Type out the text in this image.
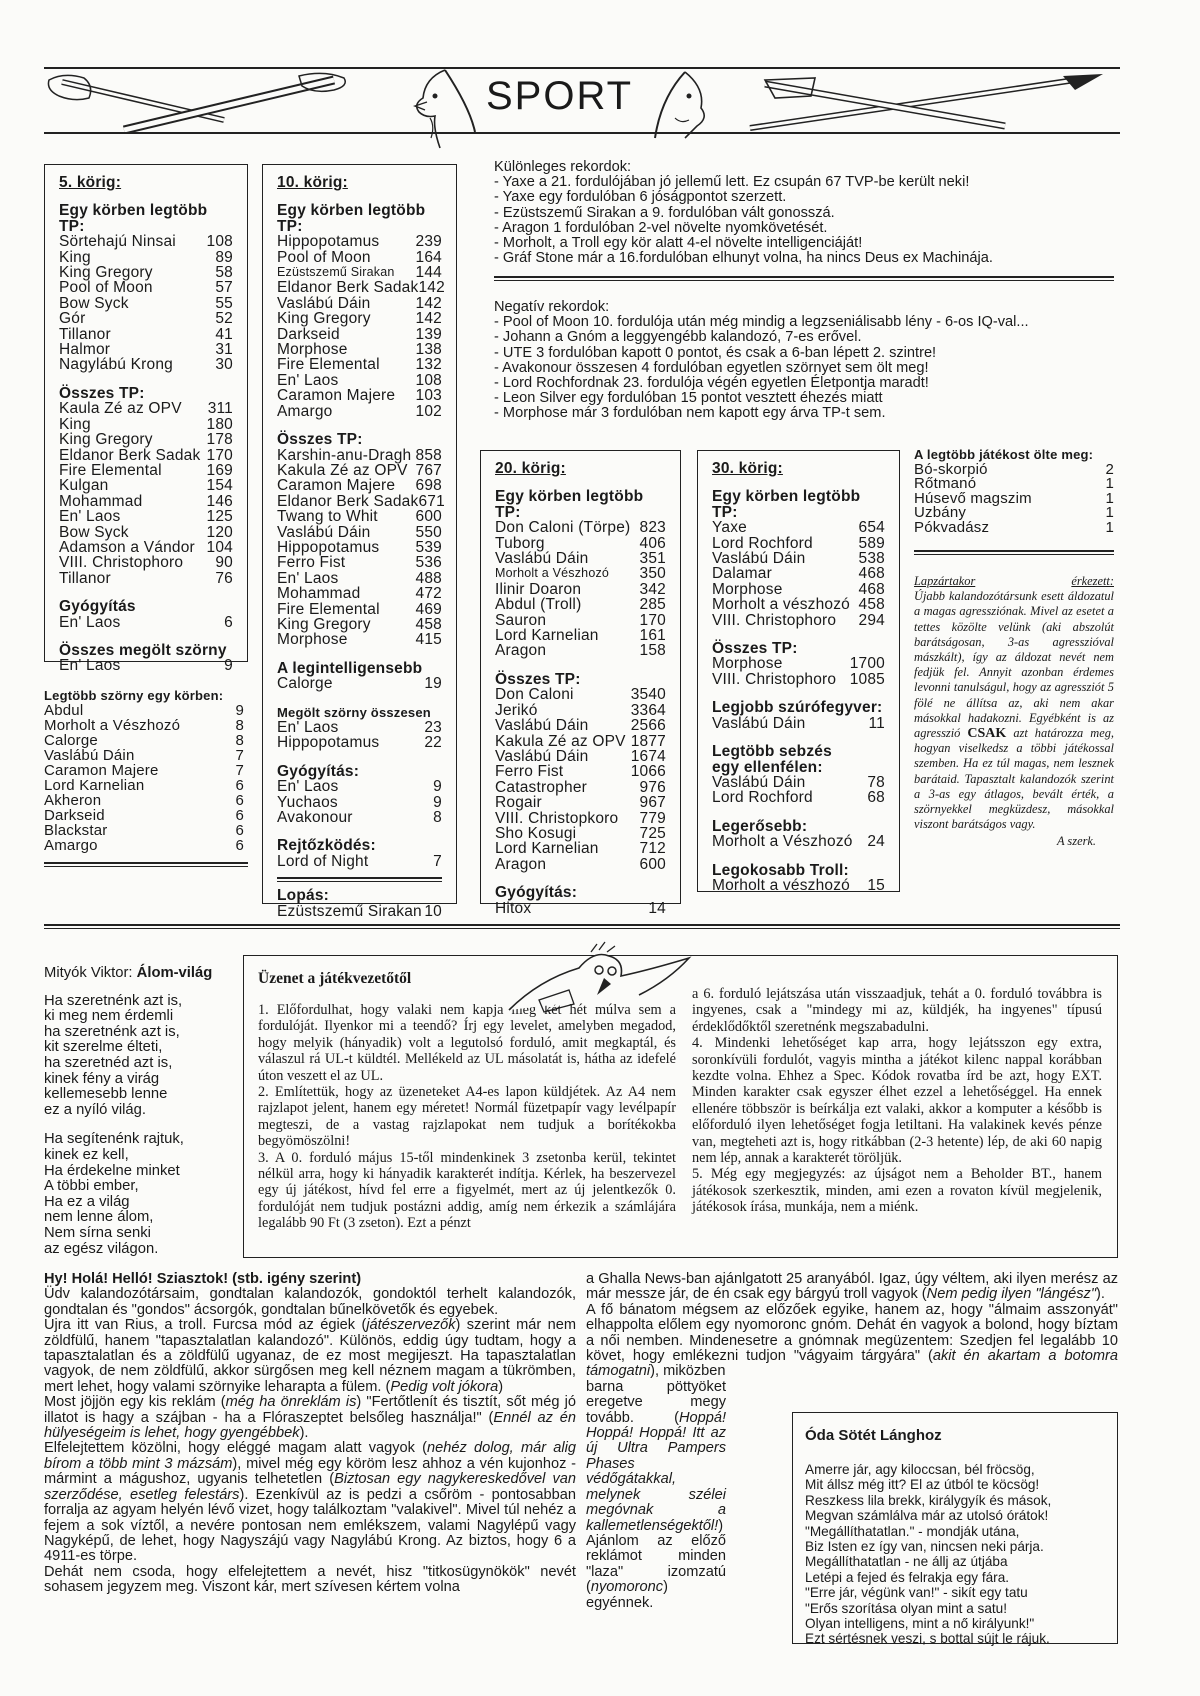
SPORT
5. körig:
Egy körben legtöbb TP:
Sörtehajú Ninsai 108
King	89
King Gregory	58
Pool of Moon	57
Bow Syck	55
Gór	52
Tillanor	41
Halmor	31
Nagylábú Krong	30
Összes TP:
Kaula Zé az OPV 311
King	180
King Gregory	178
Eldanor Berk Sadak 170
Fire Elemental	169
Kulgan	154
Mohammad	146
En' Laos	125
Bow Syck	120
Adamson a Vándor 104
VIII. Christophoro 90
Tillanor	76
Gyógyítás
En' Laos	6
Összes megölt szörny
En' Laos	9
Legtöbb szörny egy körben:
Abdul	9
Morholt a Vészhozó	8
Calorge	8
Vaslábú Dáin	7
Caramon Majere	7
Lord Karnelian	6
Akheron	6
Darkseid	6
Blackstar	6
Amargo	6
10. körig:
Egy körben legtöbb TP:
Hippopotamus 239
Pool of Moon	164
Ezüstszemű Sirakan 144
Eldanor Berk Sadak 142
Vaslábú Dáin	142
King Gregory	142
Darkseid	139
Morphose	138
Fire Elemental 132
En' Laos	108
Caramon Majere 103
Amargo	102
Összes TP:
Karshin-anu-Dragh 858
Kakula Zé az OPV 767
Caramon Majere 698
Eldanor Berk Sadak 671
Twang to Whit 600
Vaslábú Dáin	550
Hippopotamus 539
Ferro Fist	536
En' Laos	488
Mohammad	472
Fire Elemental 469
King Gregory	458
Morphose	415
A legintelligensebb
Calorge	19
Megölt szörny összesen
En' Laos	23
Hippopotamus	22
Gyógyítás:
En' Laos	9
Yuchaos	9
Avakonour	8
Rejtőzködés:
Lord of Night	7
Lopás:
Ezüstszemű Sirakan 10
Különleges rekordok:
- Yaxe a 21. fordulójában jó jellemű lett. Ez csupán 67 TVP-be került neki!
- Yaxe egy fordulóban 6 jóságpontot szerzett.
- Ezüstszemű Sirakan a 9. fordulóban vált gonosszá.
- Aragon 1 fordulóban 2-vel növelte nyomkövetését.
- Morholt, a Troll egy kör alatt 4-el növelte intelligenciáját!
- Gráf Stone már a 16.fordulóban elhunyt volna, ha nincs Deus ex Machinája.
Negatív rekordok:
- Pool of Moon 10. fordulója után még mindig a legzseniálisabb lény - 6-os IQ-val...
- Johann a Gnóm a leggyengébb kalandozó, 7-es erővel.
- UTE 3 fordulóban kapott 0 pontot, és csak a 6-ban lépett 2. szintre!
- Avakonour összesen 4 fordulóban egyetlen szörnyet sem ölt meg!
- Lord Rochfordnak 23. fordulója végén egyetlen Életpontja maradt!
- Leon Silver egy fordulóban 15 pontot vesztett éhezés miatt
- Morphose már 3 fordulóban nem kapott egy árva TP-t sem.
20. körig:
Egy körben legtöbb TP:
Don Caloni (Törpe) 823
Tuborg	406
Vaslábú Dáin	351
Morholt a Vészhozó 350
Ilinir Doaron	342
Abdul (Troll)	285
Sauron	170
Lord Karnelian	161
Aragon	158
Összes TP:
Don Caloni	3540
Jerikó	3364
Vaslábú Dáin	2566
Kakula Zé az OPV 1877
Vaslábú Dáin	1674
Ferro Fist	1066
Catastropher	976
Rogair	967
VIII. Christopkoro 779
Sho Kosugi	725
Lord Karnelian	712
Aragon	600
Gyógyítás:
Hitox	14
30. körig:
Egy körben legtöbb TP:
Yaxe	654
Lord Rochford	589
Vaslábú Dáin	538
Dalamar	468
Morphose	468
Morholt a vészhozó 458
VIII. Christophoro 294
Összes TP:
Morphose	1700
VIII. Christophoro 1085
Legjobb szúrófegyver:
Vaslábú Dáin	11
Legtöbb sebzés egy ellenfélen:
Vaslábú Dáin	78
Lord Rochford	68
Legerősebb:
Morholt a Vészhozó 24
Legokosabb Troll:
Morholt a vészhozó 15
A legtöbb játékost ölte meg:
Bó-skorpió	2
Rőtmanó	1
Húsevő magszim	1
Uzbány	1
Pókvadász	1
Lapzártakor	érkezett:
Újabb kalandozótársunk esett áldozatul a magas agressziónak. Mivel az esetet a tettes közölte velünk (aki abszolút barátságosan, 3-as agresszióval mászkált), így az áldozat nevét nem fedjük fel. Annyit azonban érdemes levonni tanulságul, hogy az agressziót 5 fölé ne állítsa az, aki nem akar másokkal hadakozni. Egyébként is az agresszió CSAK azt határozza meg, hogyan viselkedsz a többi játékossal szemben. Ha ez túl magas, nem lesznek barátaid. Tapasztalt kalandozók szerint a 3-as egy átlagos, bevált érték, a szörnyekkel megküzdesz, másokkal viszont barátságos vagy.
A szerk.
Mityók Viktor: Álom-világ
Ha szeretnénk azt is,
ki meg nem érdemli
ha szeretnénk azt is,
kit szerelme élteti,
ha szeretnéd azt is,
kinek fény a virág
kellemesebb lenne
ez a nyíló világ.
Ha segítenénk rajtuk,
kinek ez kell,
Ha érdekelne minket
A többi ember,
Ha ez a világ
nem lenne álom,
Nem sírna senki
az egész világon.
Üzenet a játékvezetőtől
1. Előfordulhat, hogy valaki nem kapja még két hét múlva sem a fordulóját. Ilyenkor mi a teendő? Írj egy levelet, amelyben megadod, hogy melyik (hányadik) volt a legutolsó forduló, amit megkaptál, és válaszul rá UL-t küldtél. Mellékeld az UL másolatát is, hátha az idefelé úton veszett el az UL.
2. Említettük, hogy az üzeneteket A4-es lapon küldjétek. Az A4 nem rajzlapot jelent, hanem egy méretet! Normál füzetpapír vagy levélpapír megteszi, de a vastag rajzlapokat nem tudjuk a borítékokba begyömöszölni!
3. A 0. forduló május 15-től mindenkinek 3 zsetonba kerül, tekintet nélkül arra, hogy ki hányadik karakterét indítja. Kérlek, ha beszervezel egy új játékost, hívd fel erre a figyelmét, mert az új jelentkezők 0. fordulóját nem tudjuk postázni addig, amíg nem érkezik a számlájára legalább 90 Ft (3 zseton). Ezt a pénzt
a 6. forduló lejátszása után visszaadjuk, tehát a 0. forduló továbbra is ingyenes, csak a "mindegy mi az, küldjék, ha ingyenes" típusú érdeklődőktől szeretnénk megszabadulni.
4. Mindenki lehetőséget kap arra, hogy lejátsszon egy extra, soronkívüli fordulót, vagyis mintha a játékot kilenc nappal korábban kezdte volna. Ehhez a Spec. Kódok rovatba írd be azt, hogy EXT. Minden karakter csak egyszer élhet ezzel a lehetőséggel. Ha ennek ellenére többször is beírkálja ezt valaki, akkor a komputer a később is előforduló ilyen lehetőséget fogja letiltani. Ha valakinek kevés pénze van, megteheti azt is, hogy ritkábban (2-3 hetente) lép, de aki 60 napig nem lép, annak a karakterét töröljük.
5. Még egy megjegyzés: az újságot nem a Beholder BT., hanem játékosok szerkesztik, minden, ami ezen a rovaton kívül megjelenik, játékosok írása, munkája, nem a miénk.
Hy! Holá! Helló! Sziasztok! (stb. igény szerint)
Üdv kalandozótársaim, gondtalan kalandozók, gondoktól terhelt kalandozók, gondtalan és "gondos" ácsorgók, gondtalan bűnelkövetők és egyebek.
Újra itt van Rius, a troll. Furcsa mód az égiek (játészervezők) szerint már nem zöldfülű, hanem "tapasztalatlan kalandozó". Különös, eddig úgy tudtam, hogy a tapasztalatlan és a zöldfülű ugyanaz, de ez most megijeszt. Ha tapasztalatlan vagyok, de nem zöldfülű, akkor sürgősen meg kell néznem magam a tükrömben, mert lehet, hogy valami szörnyike leharapta a fülem. (Pedig volt jókora)
Most jöjjön egy kis reklám (még ha önreklám is) "Fertőtlenít és tisztít, sőt még jó illatot is hagy a szájban - ha a Flóraszeptet belsőleg használja!" (Ennél az én hülyeségeim is lehet, hogy gyengébbek).
Elfelejtettem közölni, hogy eléggé magam alatt vagyok (nehéz dolog, már alig bírom a több mint 3 mázsám), mivel még egy köröm lesz ahhoz a vén kujonhoz - mármint a mágushoz, ugyanis telhetetlen (Biztosan egy nagykereskedővel van szerződése, esetleg felestárs). Ezenkívül az is pedzi a csőröm - pontosabban forralja az agyam helyén lévő vizet, hogy találkoztam "valakivel". Mivel túl nehéz a fejem a sok víztől, a nevére pontosan nem emlékszem, valami Nagylépű vagy Nagyképű, de lehet, hogy Nagyszájú vagy Nagylábú Krong. Az biztos, hogy 6 a 4911-es törpe.
Dehát nem csoda, hogy elfelejtettem a nevét, hisz "titkosügynökök" nevét sohasem jegyzem meg. Viszont kár, mert szívesen kértem volna
a Ghalla News-ban ajánlgatott 25 aranyából. Igaz, úgy véltem, aki ilyen merész az már messze jár, de én csak egy bárgyú troll vagyok (Nem pedig ilyen "lángész").
A fő bánatom mégsem az előzőek egyike, hanem az, hogy "álmaim asszonyát" elhappolta előlem egy nyomoronc gnóm. Dehát én vagyok a bolond, hogy bíztam a női nemben. Mindenesetre a gnómnak megüzentem: Szedjen fel legalább 10 követ, hogy emlékezni tudjon "vágyaim tárgyára" (akit én akartam a botomra támogatni), miközben
barna pöttyöket eregetve megy tovább. (Hoppá! Hoppá! Hoppá! Itt az új Ultra Pampers Phases védőgátakkal, melynek szélei megóvnak a kallemetlenségektől!) Ajánlom az előző reklámot minden "laza" izomzatú (nyomoronc) egyénnek.
Óda Sötét Lánghoz
Amerre jár, agy kiloccsan, bél fröcsög,
Mit állsz még itt? El az útból te köcsög!
Reszkess lila brekk, királygyík és mások,
Megvan számlálva már az utolsó órátok!
"Megállíthatatlan." - mondják utána,
Biz Isten ez így van, nincsen neki párja.
Megállíthatatlan - ne állj az útjába
Letépi a fejed és felrakja egy fára.
"Erre jár, végünk van!" - sikít egy tatu
"Erős szorítása olyan mint a satu!
Olyan intelligens, mint a nő királyunk!"
Ezt sértésnek veszi, s bottal sújt le rájuk.
